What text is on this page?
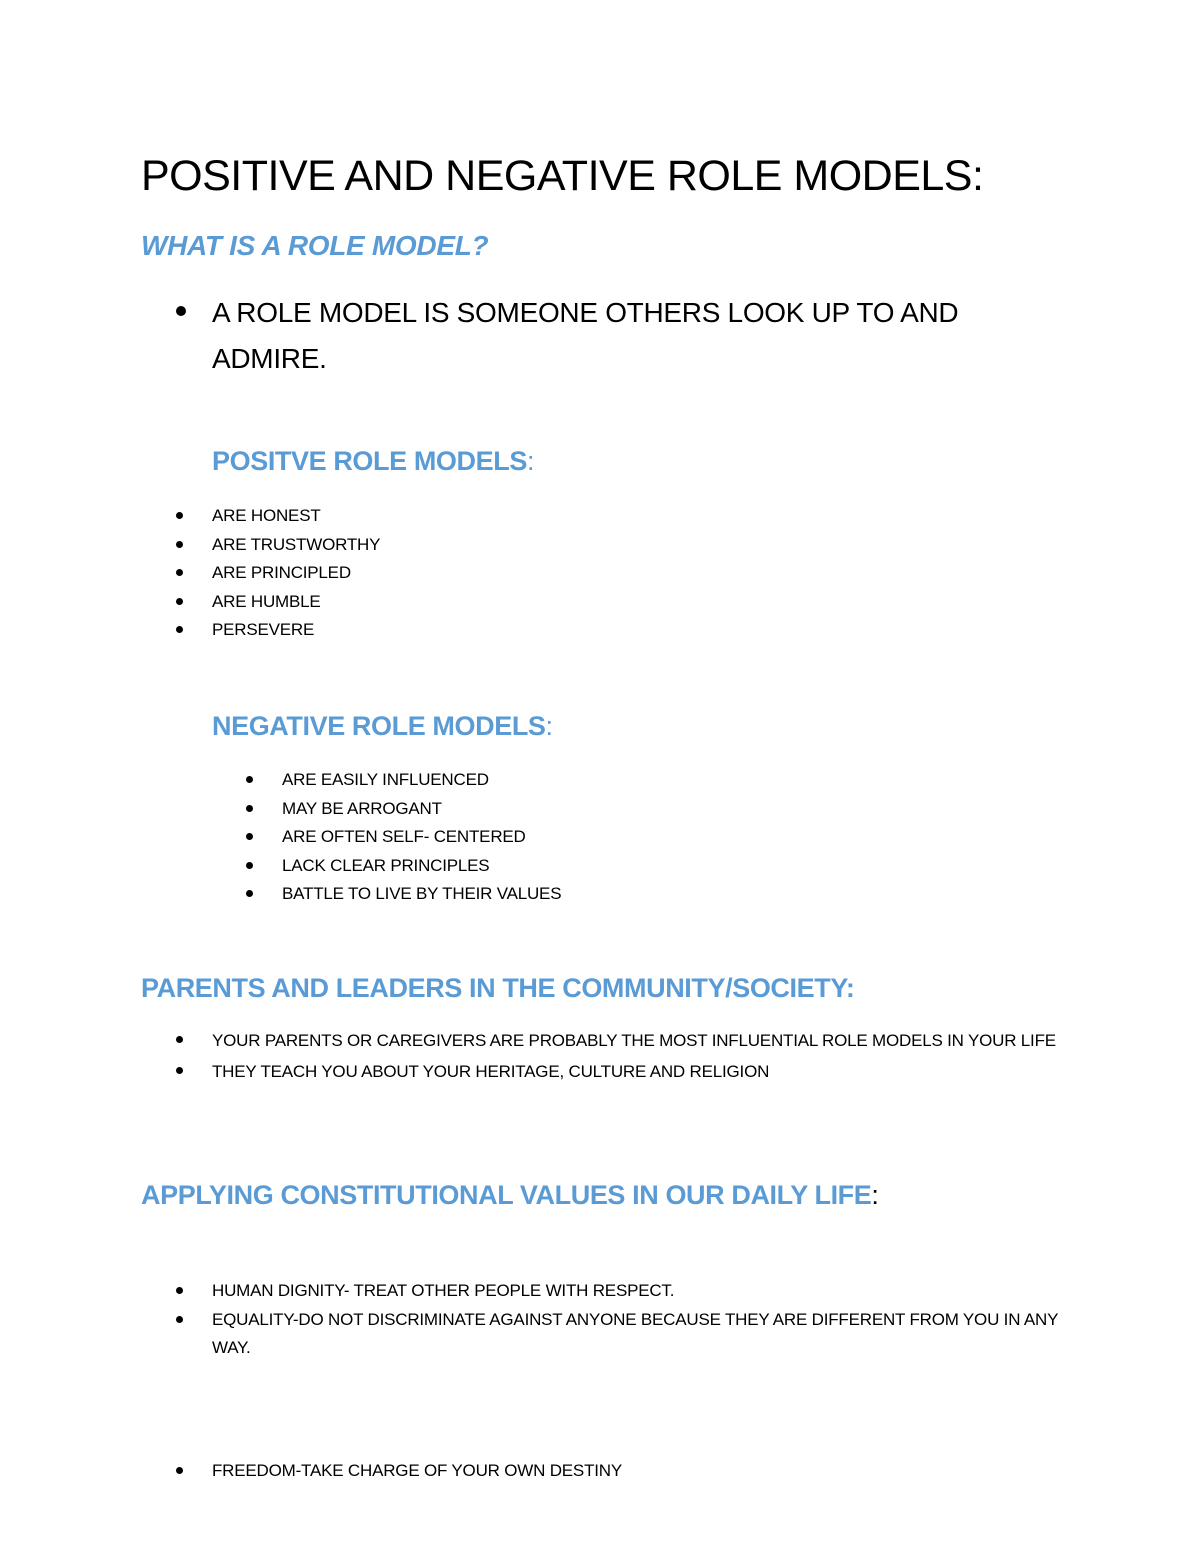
POSITIVE AND NEGATIVE ROLE MODELS:
WHAT IS A ROLE MODEL?
A ROLE MODEL IS SOMEONE OTHERS LOOK UP TO AND ADMIRE.
POSITVE ROLE MODELS:
ARE HONEST
ARE TRUSTWORTHY
ARE PRINCIPLED
ARE HUMBLE
PERSEVERE
NEGATIVE ROLE MODELS:
ARE EASILY INFLUENCED
MAY BE ARROGANT
ARE OFTEN SELF- CENTERED
LACK CLEAR PRINCIPLES
BATTLE TO LIVE BY THEIR VALUES
PARENTS AND LEADERS IN THE COMMUNITY/SOCIETY:
YOUR PARENTS OR CAREGIVERS ARE PROBABLY THE MOST INFLUENTIAL ROLE MODELS IN YOUR LIFE
THEY TEACH YOU ABOUT YOUR HERITAGE, CULTURE AND RELIGION
APPLYING CONSTITUTIONAL VALUES IN OUR DAILY LIFE:
HUMAN DIGNITY- TREAT OTHER PEOPLE WITH RESPECT.
EQUALITY-DO NOT DISCRIMINATE AGAINST ANYONE BECAUSE THEY ARE DIFFERENT FROM YOU IN ANY WAY.
FREEDOM-TAKE CHARGE OF YOUR OWN DESTINY
